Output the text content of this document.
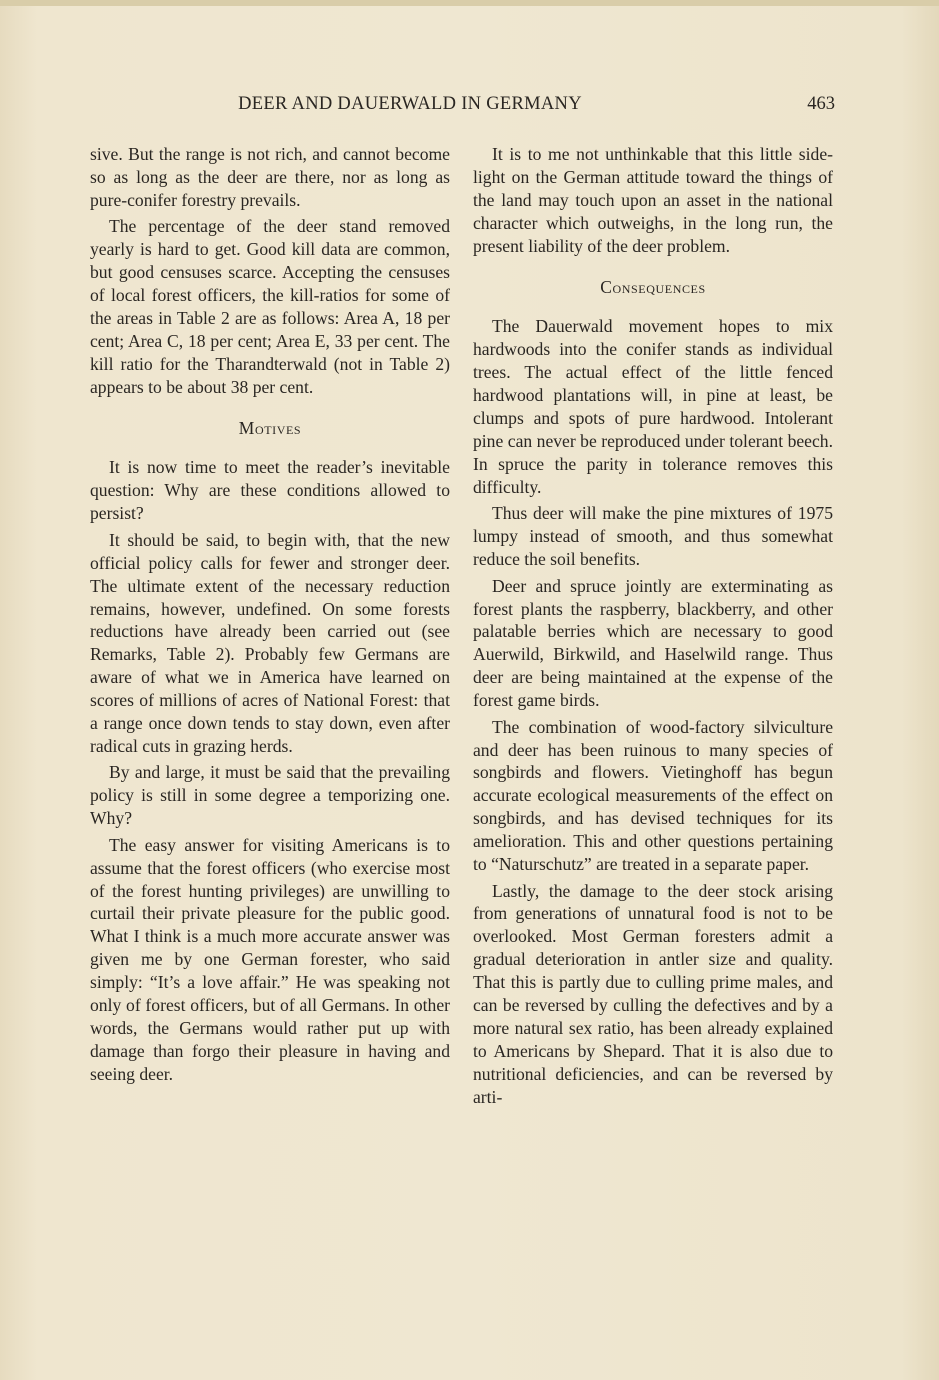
DEER AND DAUERWALD IN GERMANY	463

sive. But the range is not rich, and cannot become so as long as the deer are there, nor as long as pure-conifer forestry prevails.

The percentage of the deer stand removed yearly is hard to get. Good kill data are common, but good censuses scarce. Accepting the censuses of local forest officers, the kill-ratios for some of the areas in Table 2 are as follows: Area A, 18 per cent; Area C, 18 per cent; Area E, 33 per cent. The kill ratio for the Tharandterwald (not in Table 2) appears to be about 38 per cent.

Motives

It is now time to meet the reader’s inevitable question: Why are these conditions allowed to persist?

It should be said, to begin with, that the new official policy calls for fewer and stronger deer. The ultimate extent of the necessary reduction remains, however, undefined. On some forests reductions have already been carried out (see Remarks, Table 2). Probably few Germans are aware of what we in America have learned on scores of millions of acres of National Forest: that a range once down tends to stay down, even after radical cuts in grazing herds.

By and large, it must be said that the prevailing policy is still in some degree a temporizing one. Why?

The easy answer for visiting Americans is to assume that the forest officers (who exercise most of the forest hunting privileges) are unwilling to curtail their private pleasure for the public good. What I think is a much more accurate answer was given me by one German forester, who said simply: “It’s a love affair.” He was speaking not only of forest officers, but of all Germans. In other words, the Germans would rather put up with damage than forgo their pleasure in having and seeing deer.

It is to me not unthinkable that this little side-light on the German attitude toward the things of the land may touch upon an asset in the national character which outweighs, in the long run, the present liability of the deer problem.

Consequences

The Dauerwald movement hopes to mix hardwoods into the conifer stands as individual trees. The actual effect of the little fenced hardwood plantations will, in pine at least, be clumps and spots of pure hardwood. Intolerant pine can never be reproduced under tolerant beech. In spruce the parity in tolerance removes this difficulty.

Thus deer will make the pine mixtures of 1975 lumpy instead of smooth, and thus somewhat reduce the soil benefits.

Deer and spruce jointly are exterminating as forest plants the raspberry, blackberry, and other palatable berries which are necessary to good Auerwild, Birkwild, and Haselwild range. Thus deer are being maintained at the expense of the forest game birds.

The combination of wood-factory silviculture and deer has been ruinous to many species of songbirds and flowers. Vietinghoff has begun accurate ecological measurements of the effect on songbirds, and has devised techniques for its amelioration. This and other questions pertaining to “Naturschutz” are treated in a separate paper.

Lastly, the damage to the deer stock arising from generations of unnatural food is not to be overlooked. Most German foresters admit a gradual deterioration in antler size and quality. That this is partly due to culling prime males, and can be reversed by culling the defectives and by a more natural sex ratio, has been already explained to Americans by Shepard. That it is also due to nutritional deficiencies, and can be reversed by arti-
